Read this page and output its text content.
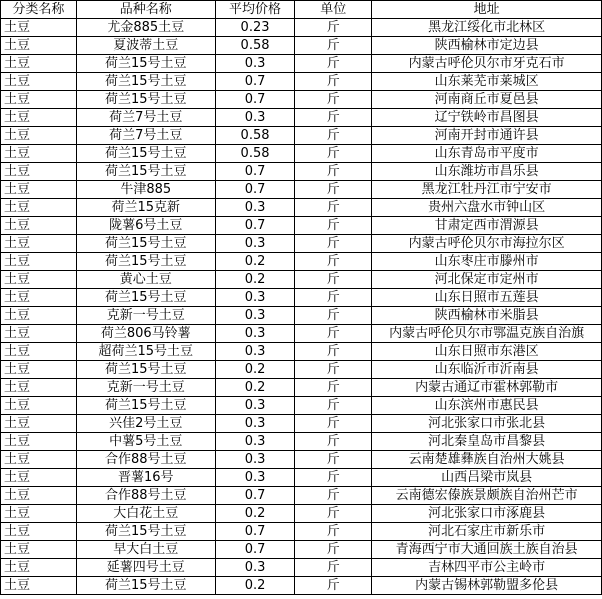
分类名称	品种名称	平均价格	单位	地址
土豆	尤金885土豆	0.23	斤	黑龙江绥化市北林区
土豆	夏波蒂土豆	0.58	斤	陕西榆林市定边县
土豆	荷兰15号土豆	0.3	斤	内蒙古呼伦贝尔市牙克石市
土豆	荷兰15号土豆	0.7	斤	山东莱芜市莱城区
土豆	荷兰15号土豆	0.7	斤	河南商丘市夏邑县
土豆	荷兰7号土豆	0.3	斤	辽宁铁岭市昌图县
土豆	荷兰7号土豆	0.58	斤	河南开封市通许县
土豆	荷兰15号土豆	0.58	斤	山东青岛市平度市
土豆	荷兰15号土豆	0.7	斤	山东潍坊市昌乐县
土豆	牛津885	0.7	斤	黑龙江牡丹江市宁安市
土豆	荷兰15克新	0.3	斤	贵州六盘水市钟山区
土豆	陇薯6号土豆	0.7	斤	甘肃定西市渭源县
土豆	荷兰15号土豆	0.3	斤	内蒙古呼伦贝尔市海拉尔区
土豆	荷兰15号土豆	0.2	斤	山东枣庄市滕州市
土豆	黄心土豆	0.2	斤	河北保定市定州市
土豆	荷兰15号土豆	0.3	斤	山东日照市五莲县
土豆	克新一号土豆	0.3	斤	陕西榆林市米脂县
土豆	荷兰806马铃薯	0.3	斤	内蒙古呼伦贝尔市鄂温克族自治旗
土豆	超荷兰15号土豆	0.3	斤	山东日照市东港区
土豆	荷兰15号土豆	0.2	斤	山东临沂市沂南县
土豆	克新一号土豆	0.2	斤	内蒙古通辽市霍林郭勒市
土豆	荷兰15号土豆	0.3	斤	山东滨州市惠民县
土豆	兴佳2号土豆	0.3	斤	河北张家口市张北县
土豆	中薯5号土豆	0.3	斤	河北秦皇岛市昌黎县
土豆	合作88号土豆	0.3	斤	云南楚雄彝族自治州大姚县
土豆	晋薯16号	0.3	斤	山西吕梁市岚县
土豆	合作88号土豆	0.7	斤	云南德宏傣族景颇族自治州芒市
土豆	大白花土豆	0.2	斤	河北张家口市涿鹿县
土豆	荷兰15号土豆	0.7	斤	河北石家庄市新乐市
土豆	早大白土豆	0.7	斤	青海西宁市大通回族土族自治县
土豆	延薯四号土豆	0.3	斤	吉林四平市公主岭市
土豆	荷兰15号土豆	0.2	斤	内蒙古锡林郭勒盟多伦县
